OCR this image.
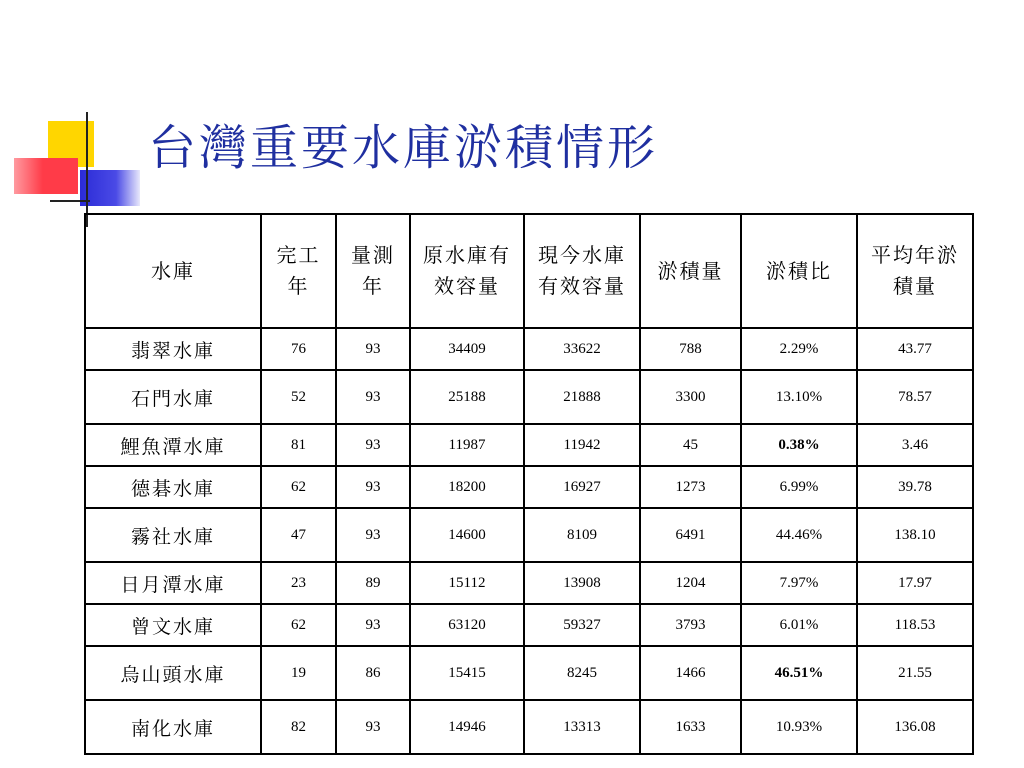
台灣重要水庫淤積情形
水庫	完工年	量測年	原水庫有效容量	現今水庫有效容量	淤積量	淤積比	平均年淤積量
翡翠水庫	76	93	34409	33622	788	2.29%	43.77
石門水庫	52	93	25188	21888	3300	13.10%	78.57
鯉魚潭水庫	81	93	11987	11942	45	0.38%	3.46
德碁水庫	62	93	18200	16927	1273	6.99%	39.78
霧社水庫	47	93	14600	8109	6491	44.46%	138.10
日月潭水庫	23	89	15112	13908	1204	7.97%	17.97
曾文水庫	62	93	63120	59327	3793	6.01%	118.53
烏山頭水庫	19	86	15415	8245	1466	46.51%	21.55
南化水庫	82	93	14946	13313	1633	10.93%	136.08
